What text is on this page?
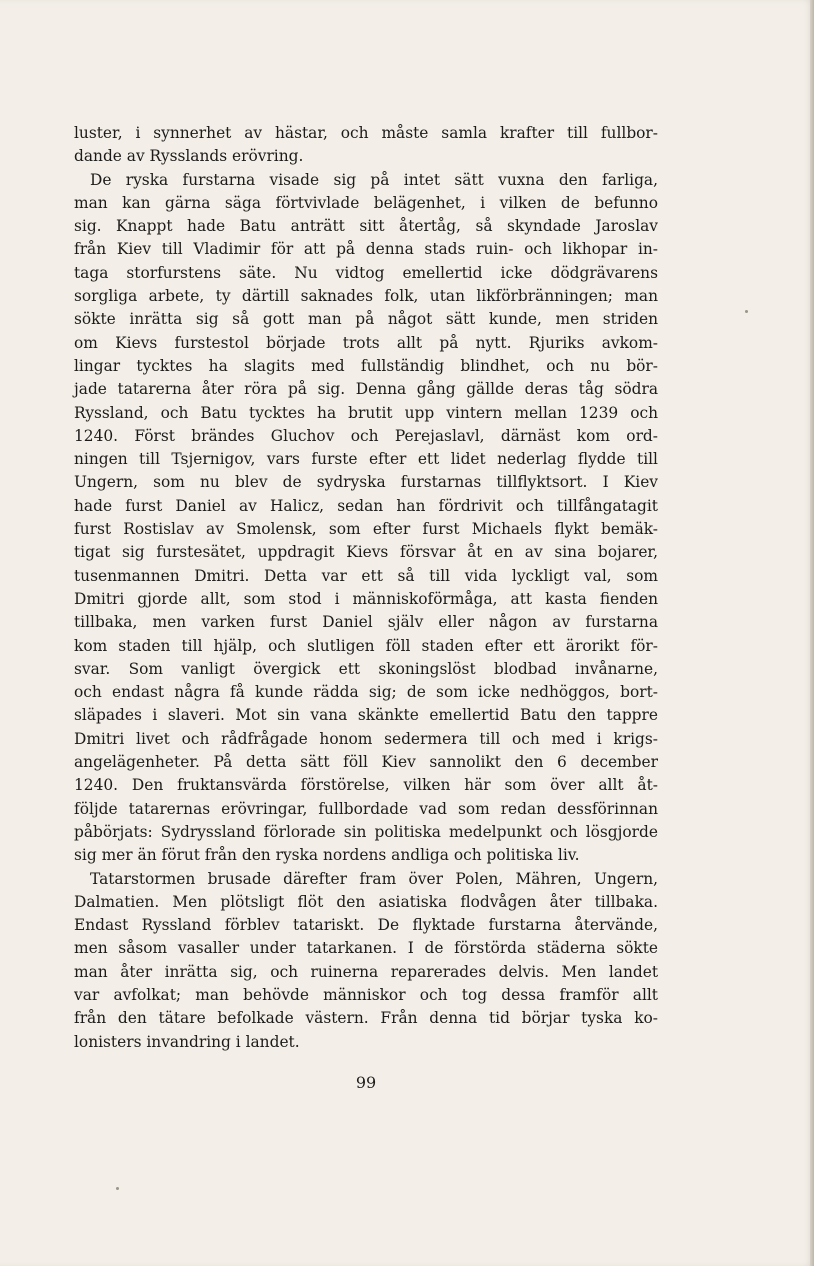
luster, i synnerhet av hästar, och måste samla krafter till fullbor-
dande av Rysslands erövring.

De ryska furstarna visade sig på intet sätt vuxna den farliga,
man kan gärna säga förtvivlade belägenhet, i vilken de befunno
sig. Knappt hade Batu anträtt sitt återtåg, så skyndade Jaroslav
från Kiev till Vladimir för att på denna stads ruin- och likhopar in-
taga storfurstens säte. Nu vidtog emellertid icke dödgrävarens
sorgliga arbete, ty därtill saknades folk, utan likförbränningen; man
sökte inrätta sig så gott man på något sätt kunde, men striden
om Kievs furstestol började trots allt på nytt. Rjuriks avkom-
lingar tycktes ha slagits med fullständig blindhet, och nu bör-
jade tatarerna åter röra på sig. Denna gång gällde deras tåg södra
Ryssland, och Batu tycktes ha brutit upp vintern mellan 1239 och
1240. Först brändes Gluchov och Perejaslavl, därnäst kom ord-
ningen till Tsjernigov, vars furste efter ett lidet nederlag flydde till
Ungern, som nu blev de sydryska furstarnas tillflyktsort. I Kiev
hade furst Daniel av Halicz, sedan han fördrivit och tillfångatagit
furst Rostislav av Smolensk, som efter furst Michaels flykt bemäk-
tigat sig furstesätet, uppdragit Kievs försvar åt en av sina bojarer,
tusenmannen Dmitri. Detta var ett så till vida lyckligt val, som
Dmitri gjorde allt, som stod i människoförmåga, att kasta fienden
tillbaka, men varken furst Daniel själv eller någon av furstarna
kom staden till hjälp, och slutligen föll staden efter ett ärorikt för-
svar. Som vanligt övergick ett skoningslöst blodbad invånarne,
och endast några få kunde rädda sig; de som icke nedhöggos, bort-
släpades i slaveri. Mot sin vana skänkte emellertid Batu den tappre
Dmitri livet och rådfrågade honom sedermera till och med i krigs-
angelägenheter. På detta sätt föll Kiev sannolikt den 6 december
1240. Den fruktansvärda förstörelse, vilken här som över allt åt-
följde tatarernas erövringar, fullbordade vad som redan dessförinnan
påbörjats: Sydryssland förlorade sin politiska medelpunkt och lösgjorde
sig mer än förut från den ryska nordens andliga och politiska liv.

Tatarstormen brusade därefter fram över Polen, Mähren, Ungern,
Dalmatien. Men plötsligt flöt den asiatiska flodvågen åter tillbaka.
Endast Ryssland förblev tatariskt. De flyktade furstarna återvände,
men såsom vasaller under tatarkanen. I de förstörda städerna sökte
man åter inrätta sig, och ruinerna reparerades delvis. Men landet
var avfolkat; man behövde människor och tog dessa framför allt
från den tätare befolkade västern. Från denna tid börjar tyska ko-
lonisters invandring i landet.

99
